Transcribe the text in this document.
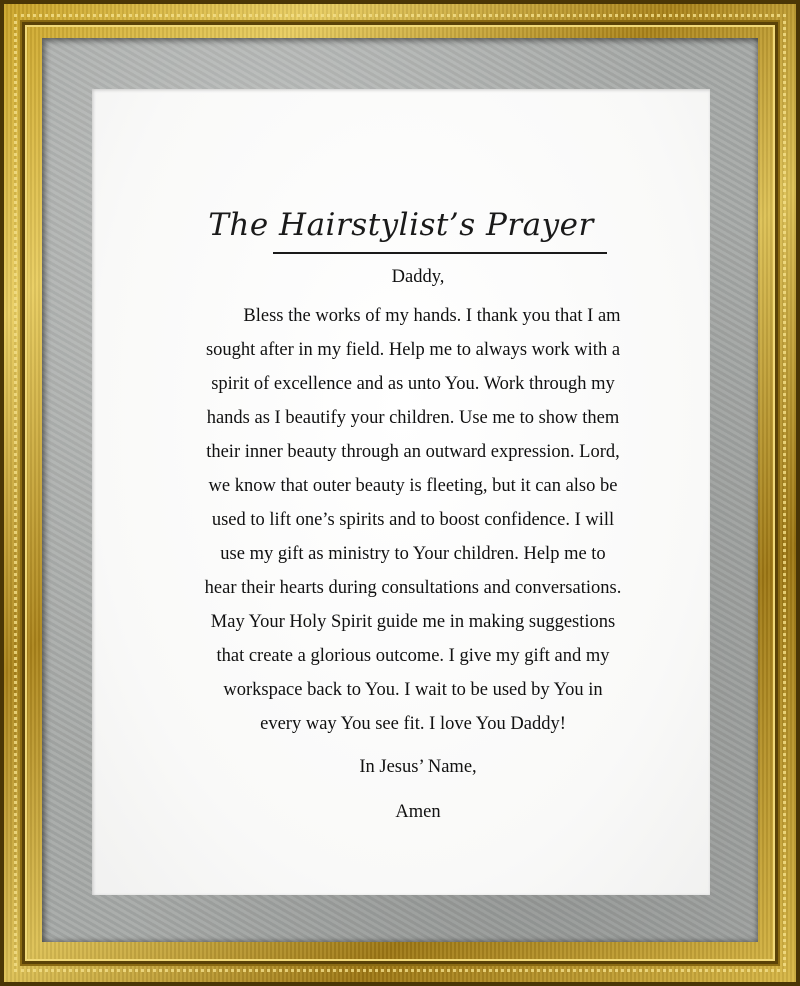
The Hairstylist’s Prayer
Daddy,
Bless the works of my hands. I thank you that I am
sought after in my field. Help me to always work with a
spirit of excellence and as unto You. Work through my
hands as I beautify your children. Use me to show them
their inner beauty through an outward expression. Lord,
we know that outer beauty is fleeting, but it can also be
used to lift one’s spirits and to boost confidence. I will
use my gift as ministry to Your children. Help me to
hear their hearts during consultations and conversations.
May Your Holy Spirit guide me in making suggestions
that create a glorious outcome. I give my gift and my
workspace back to You. I wait to be used by You in
every way You see fit. I love You Daddy!
In Jesus’ Name,
Amen
